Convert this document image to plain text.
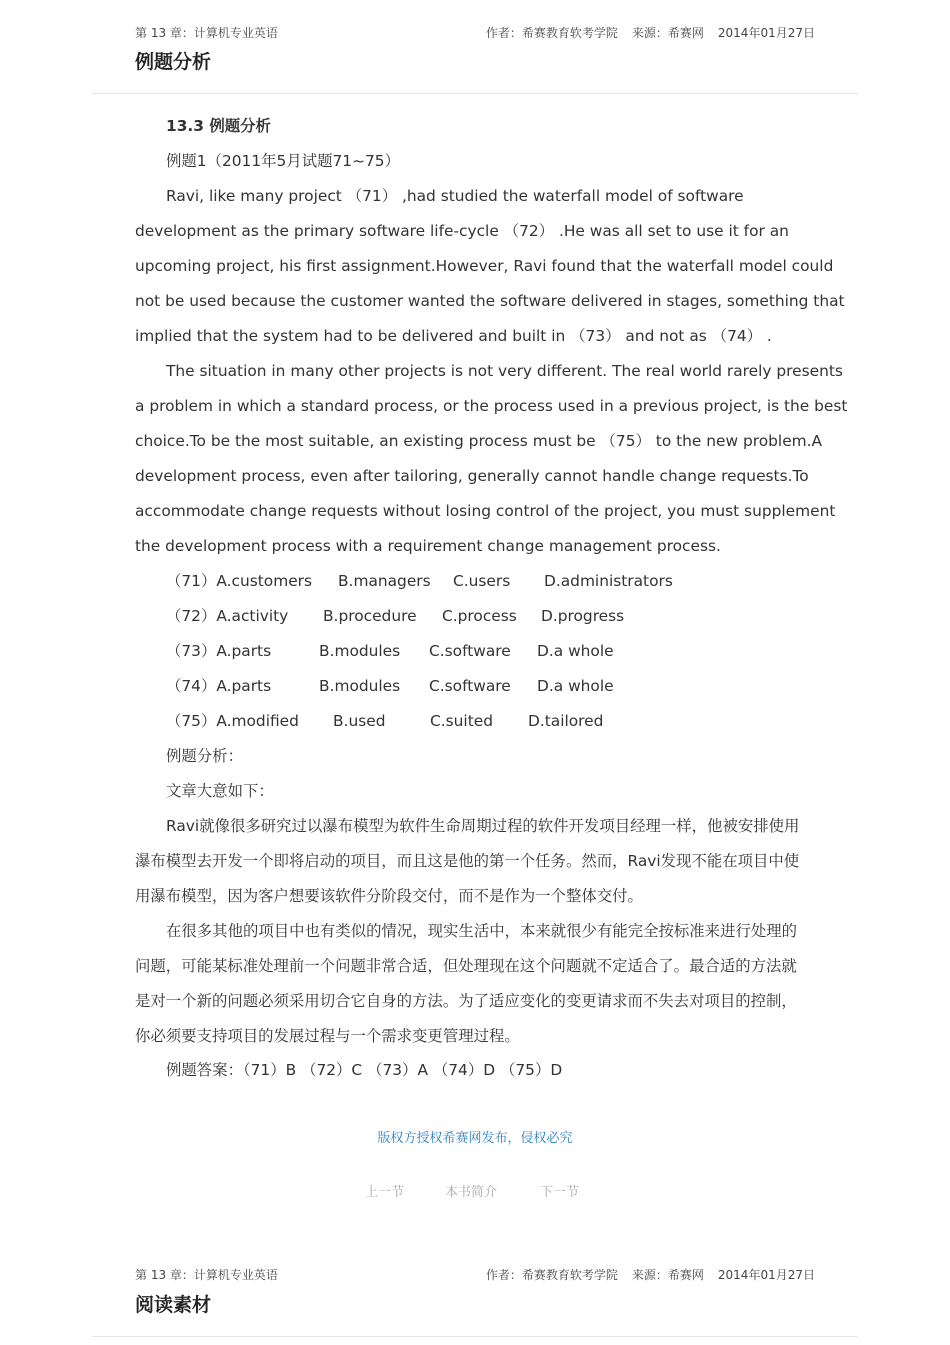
第 13 章：计算机专业英语	作者：希赛教育软考学院 来源：希赛网 2014年01月27日
例题分析
13.3 例题分析
例题1（2011年5月试题71~75）
Ravi, like many project （71） ,had studied the waterfall model of software
development as the primary software life-cycle （72） .He was all set to use it for an
upcoming project, his first assignment.However, Ravi found that the waterfall model could
not be used because the customer wanted the software delivered in stages, something that
implied that the system had to be delivered and built in （73） and not as （74） .
The situation in many other projects is not very different. The real world rarely presents
a problem in which a standard process, or the process used in a previous project, is the best
choice.To be the most suitable, an existing process must be （75） to the new problem.A
development process, even after tailoring, generally cannot handle change requests.To
accommodate change requests without losing control of the project, you must supplement
the development process with a requirement change management process.
（71）A.customers B.managers C.users D.administrators
（72）A.activity B.procedure C.process D.progress
（73）A.parts	B.modules C.software D.a whole
（74）A.parts	B.modules C.software D.a whole
（75）A.modified B.used	C.suited D.tailored
例题分析：
文章大意如下：
Ravi就像很多研究过以瀑布模型为软件生命周期过程的软件开发项目经理一样，他被安排使用
瀑布模型去开发一个即将启动的项目，而且这是他的第一个任务。然而，Ravi发现不能在项目中使
用瀑布模型，因为客户想要该软件分阶段交付，而不是作为一个整体交付。
在很多其他的项目中也有类似的情况，现实生活中，本来就很少有能完全按标准来进行处理的
问题，可能某标准处理前一个问题非常合适，但处理现在这个问题就不定适合了。最合适的方法就
是对一个新的问题必须采用切合它自身的方法。为了适应变化的变更请求而不失去对项目的控制，
你必须要支持项目的发展过程与一个需求变更管理过程。
例题答案：（71）B （72）C （73）A （74）D （75）D
版权方授权希赛网发布，侵权必究
上一节	本书简介	下一节
第 13 章：计算机专业英语	作者：希赛教育软考学院 来源：希赛网 2014年01月27日
阅读素材
